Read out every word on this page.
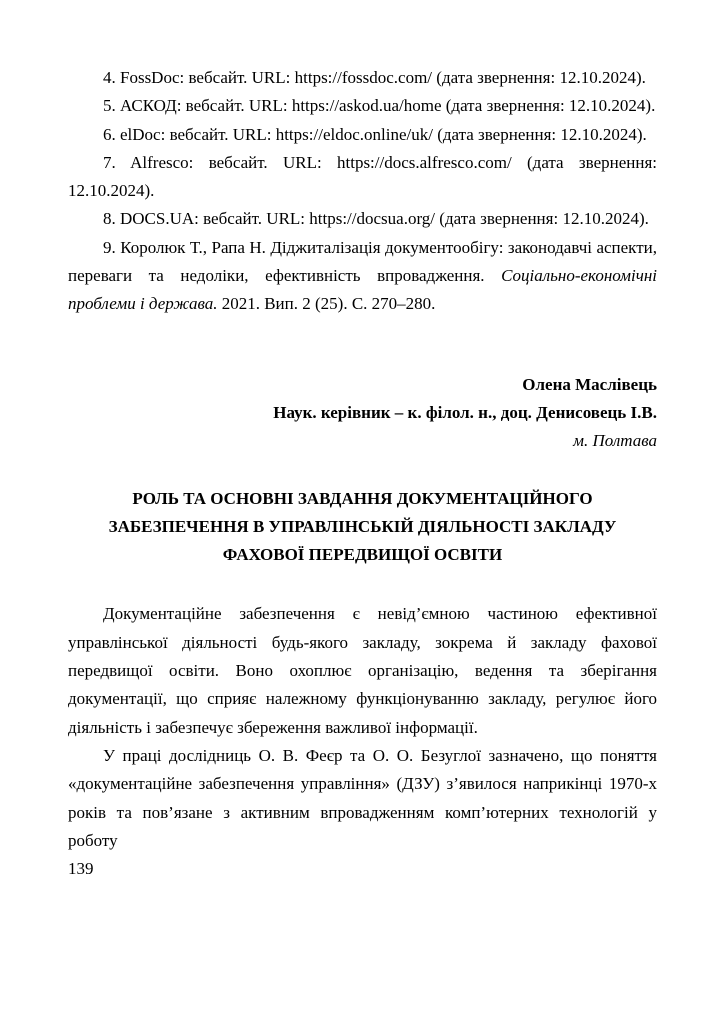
4. FossDoc: вебсайт. URL: https://fossdoc.com/ (дата звернення: 12.10.2024).

5. АСКОД: вебсайт. URL: https://askod.ua/home (дата звернення: 12.10.2024).

6. elDoc: вебсайт. URL: https://eldoc.online/uk/ (дата звернення: 12.10.2024).

7. Alfresco: вебсайт. URL: https://docs.alfresco.com/ (дата звернення: 12.10.2024).

8. DOCS.UA: вебсайт. URL: https://docsua.org/ (дата звернення: 12.10.2024).

9. Королюк Т., Рапа Н. Діджиталізація документообігу: законодавчі аспекти, переваги та недоліки, ефективність впровадження. Соціально-економічні проблеми і держава. 2021. Вип. 2 (25). С. 270–280.

Олена Маслівець

Наук. керівник – к. філол. н., доц. Денисовець І.В.

м. Полтава

РОЛЬ ТА ОСНОВНІ ЗАВДАННЯ ДОКУМЕНТАЦІЙНОГО ЗАБЕЗПЕЧЕННЯ В УПРАВЛІНСЬКІЙ ДІЯЛЬНОСТІ ЗАКЛАДУ ФАХОВОЇ ПЕРЕДВИЩОЇ ОСВІТИ

Документаційне забезпечення є невід’ємною частиною ефективної управлінської діяльності будь-якого закладу, зокрема й закладу фахової передвищої освіти. Воно охоплює організацію, ведення та зберігання документації, що сприяє належному функціонуванню закладу, регулює його діяльність і забезпечує збереження важливої інформації.

У праці дослідниць О. В. Феєр та О. О. Безуглої зазначено, що поняття «документаційне забезпечення управління» (ДЗУ) з’явилося наприкінці 1970-х років та пов’язане з активним впровадженням комп’ютерних технологій у роботу

139
